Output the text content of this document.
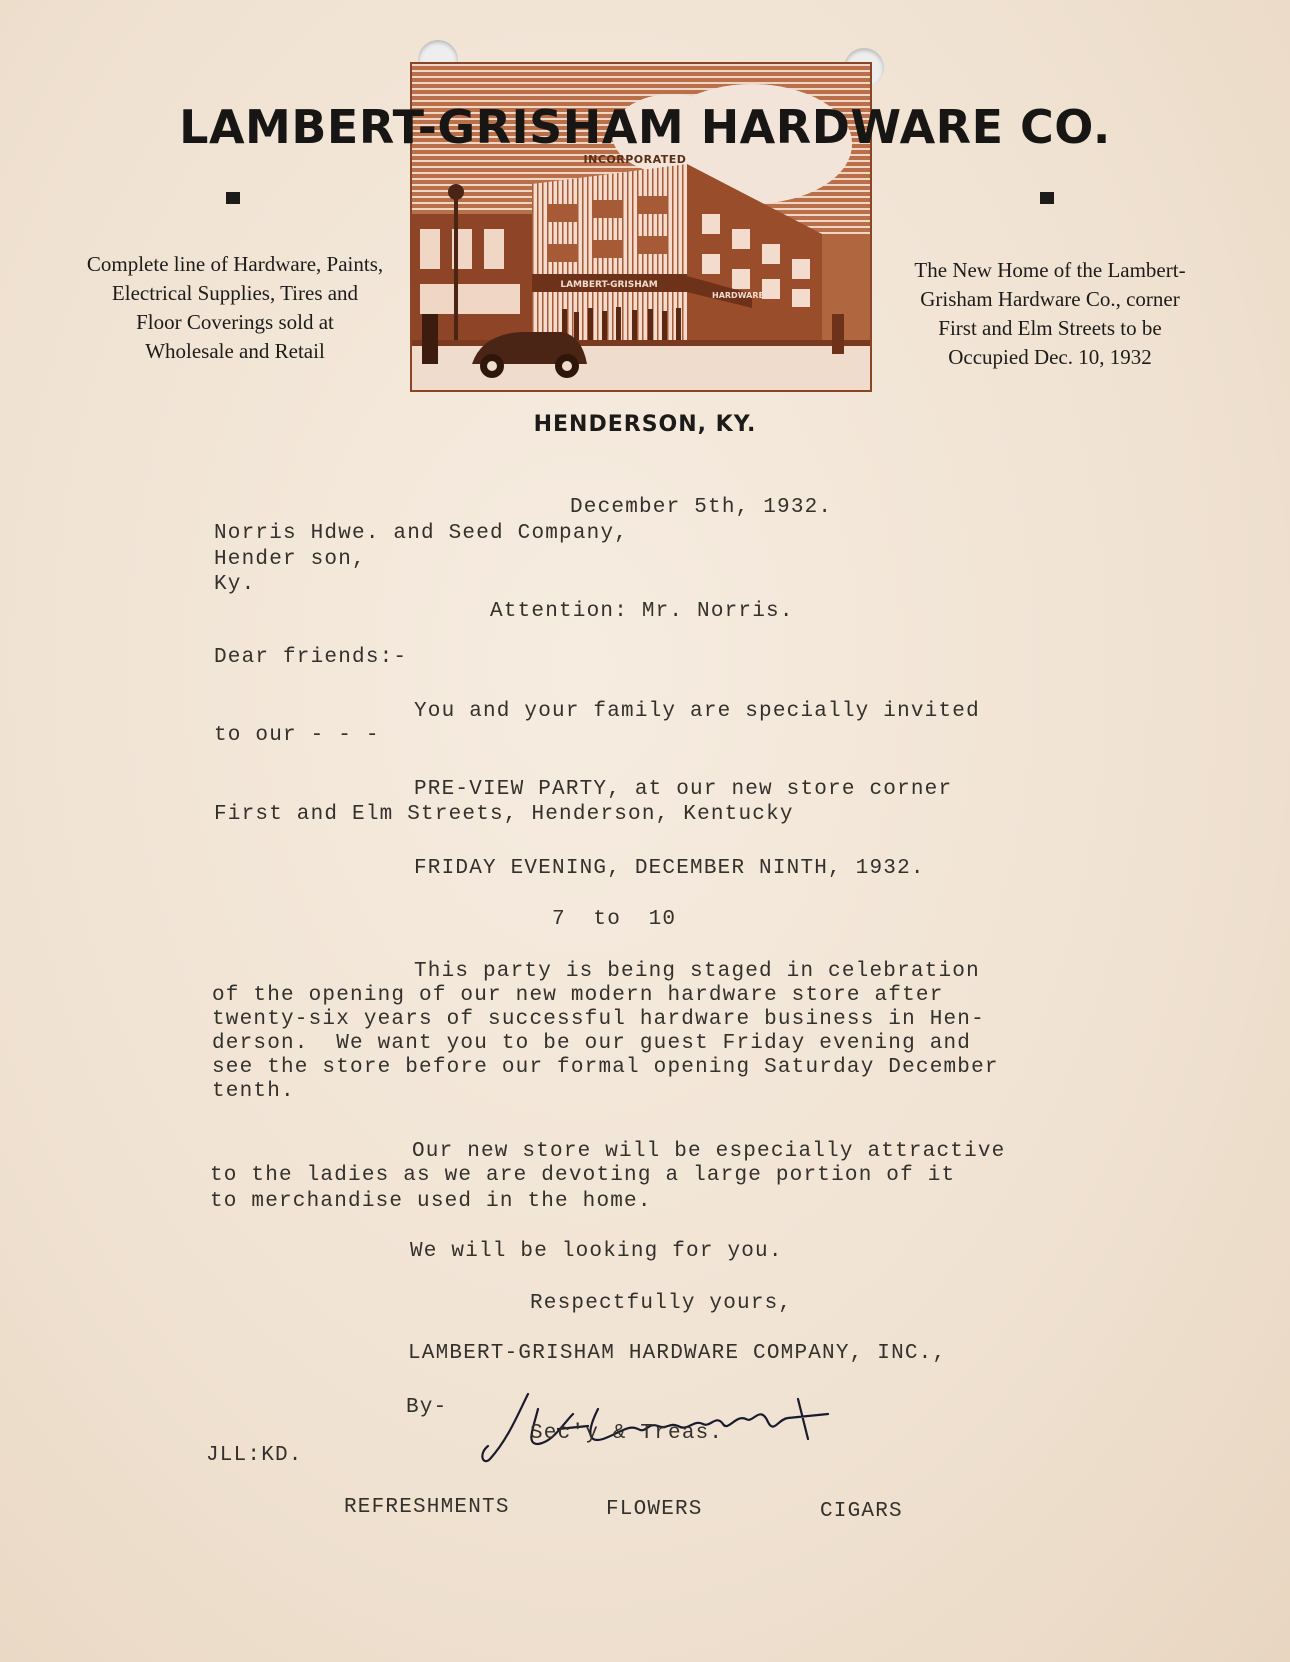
LAMBERT-GRISHAM
HARDWARE
INCORPORATED
LAMBERT-GRISHAM HARDWARE CO.
Complete line of Hardware, Paints,
Electrical Supplies, Tires and
Floor Coverings sold at
Wholesale and Retail
The New Home of the Lambert-
Grisham Hardware Co., corner
First and Elm Streets to be
Occupied Dec. 10, 1932
HENDERSON, KY.
December 5th, 1932.
Norris Hdwe. and Seed Company,
Hender son,
Ky.
Attention: Mr. Norris.
Dear friends:-
You and your family are specially invited
to our - - -
PRE-VIEW PARTY, at our new store corner
First and Elm Streets, Henderson, Kentucky
FRIDAY EVENING, DECEMBER NINTH, 1932.
7  to  10
This party is being staged in celebration
of the opening of our new modern hardware store after
twenty-six years of successful hardware business in Hen-
derson.  We want you to be our guest Friday evening and
see the store before our formal opening Saturday December
tenth.
Our new store will be especially attractive
to the ladies as we are devoting a large portion of it
to merchandise used in the home.
We will be looking for you.
Respectfully yours,
LAMBERT-GRISHAM HARDWARE COMPANY, INC.,
By-
Sec'y & Treas.
JLL:KD.
REFRESHMENTS	FLOWERS	CIGARS
